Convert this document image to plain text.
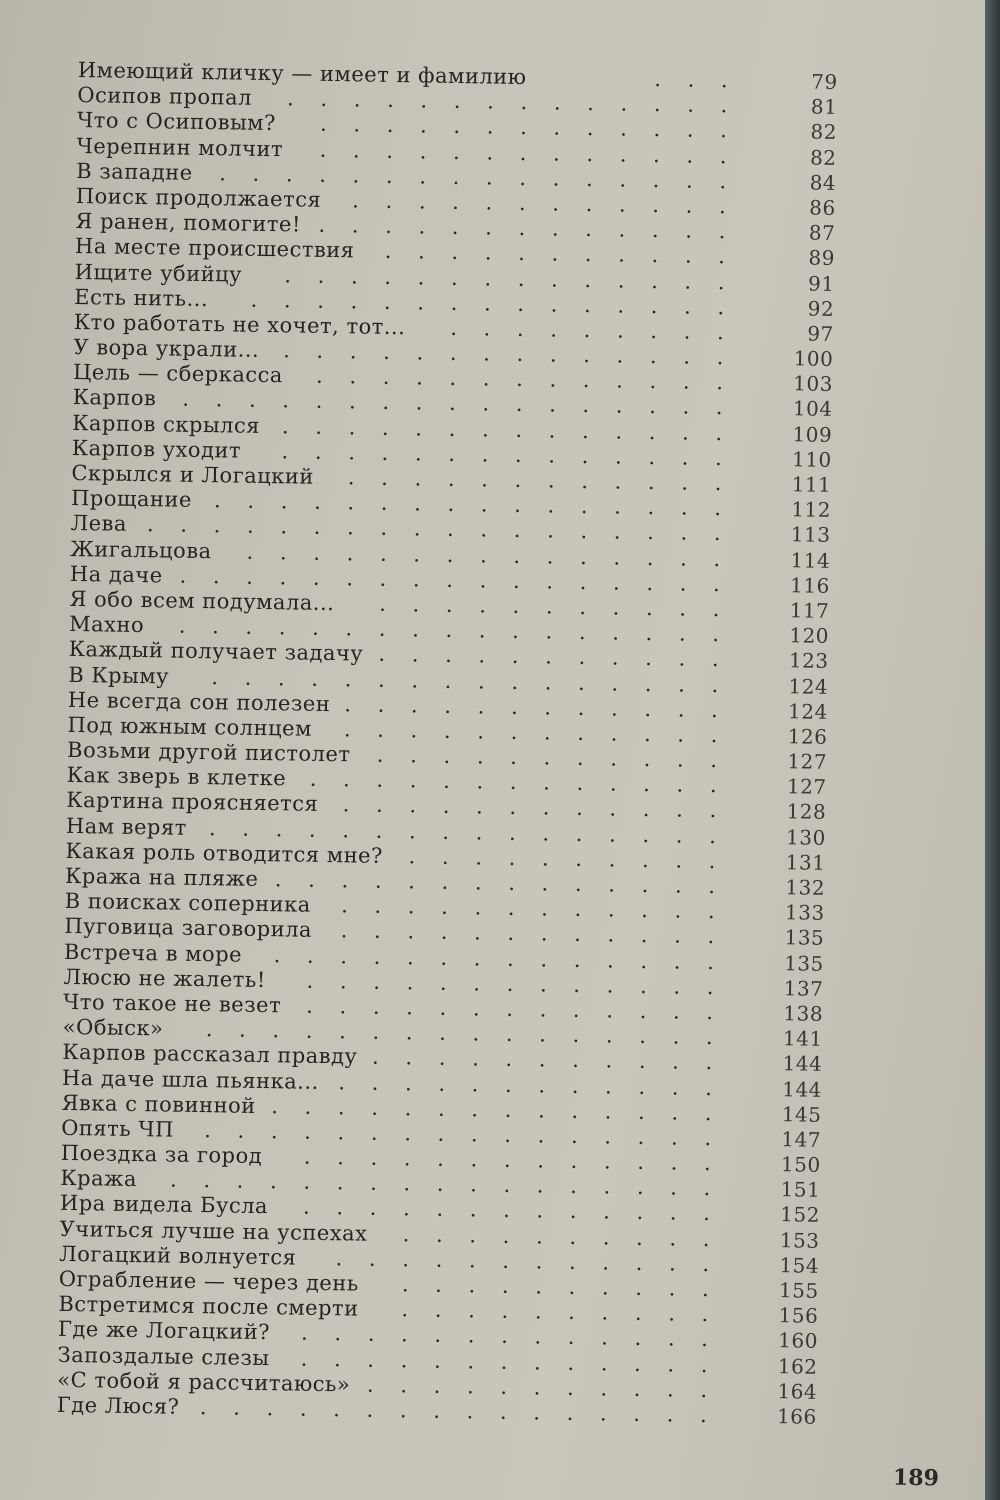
. . .
Имеющий кличку — имеет и фамилию	79
. . . . . . . . . . . . . .
Осипов пропал	81
. . . . . . . . . . . . .
Что с Осиповым?	82
. . . . . . . . . . . . .
Черепнин молчит	82
. . . . . . . . . . . . . . . .
В западне	84
. . . . . . . . . . . .
Поиск продолжается	86
. . . . . . . . . . . . .
Я ранен, помогите!	87
. . . . . . . . . . .
На месте происшествия	89
. . . . . . . . . . . . . .
Ищите убийцу	91
. . . . . . . . . . . . . . .
Есть нить...	92
. . . . . . . . .
Кто работать не хочет, тот...	97
. . . . . . . . . . . . . .
У вора украли...	100
. . . . . . . . . . . . .
Цель — сберкасса	103
. . . . . . . . . . . . . . . . .
Карпов	104
. . . . . . . . . . . . . .
Карпов скрылся	109
. . . . . . . . . . . . . .
Карпов уходит	110
. . . . . . . . . . . .
Скрылся и Логацкий	111
. . . . . . . . . . . . . . . .
Прощание	112
. . . . . . . . . . . . . . . . . .
Лева	113
. . . . . . . . . . . . . . .
Жигальцова	114
. . . . . . . . . . . . . . . . .
На даче	116
. . . . . . . . . . .
Я обо всем подумала...	117
. . . . . . . . . . . . . . . . .
Махно	120
. . . . . . . . . . .
Каждый получает задачу	123
. . . . . . . . . . . . . . . .
В Крыму	124
. . . . . . . . . . . .
Не всегда сон полезен	124
. . . . . . . . . . . .
Под южным солнцем	126
. . . . . . . . . . .
Возьми другой пистолет	127
. . . . . . . . . . . . .
Как зверь в клетке	127
. . . . . . . . . . . .
Картина проясняется	128
. . . . . . . . . . . . . . . .
Нам верят	130
. . . . . . . . . .
Какая роль отводится мне?	131
. . . . . . . . . . . . . .
Кража на пляже	132
. . . . . . . . . . . .
В поисках соперника	133
. . . . . . . . . . . .
Пуговица заговорила	135
. . . . . . . . . . . . . .
Встреча в море	135
. . . . . . . . . . . . .
Люсю не жалеть!	137
. . . . . . . . . . . . .
Что такое не везет	138
. . . . . . . . . . . . . . . .
«Обыск»	141
. . . . . . . . . . .
Карпов рассказал правду	144
. . . . . . . . . . . .
На даче шла пьянка...	144
. . . . . . . . . . . . . .
Явка с повинной	145
. . . . . . . . . . . . . . . .
Опять ЧП	147
. . . . . . . . . . . . .
Поездка за город	150
. . . . . . . . . . . . . . . . .
Кража	151
. . . . . . . . . . . . .
Ира видела Бусла	152
. . . . . . . . . .
Учиться лучше на успехах	153
. . . . . . . . . . . .
Логацкий волнуется	154
. . . . . . . . . .
Ограбление — через день	155
. . . . . . . . . .
Встретимся после смерти	156
. . . . . . . . . . . . .
Где же Логацкий?	160
. . . . . . . . . . . . .
Запоздалые слезы	162
. . . . . . . . . . .
«С тобой я рассчитаюсь»	164
. . . . . . . . . . . . . . . .
Где Люся?	166
189
